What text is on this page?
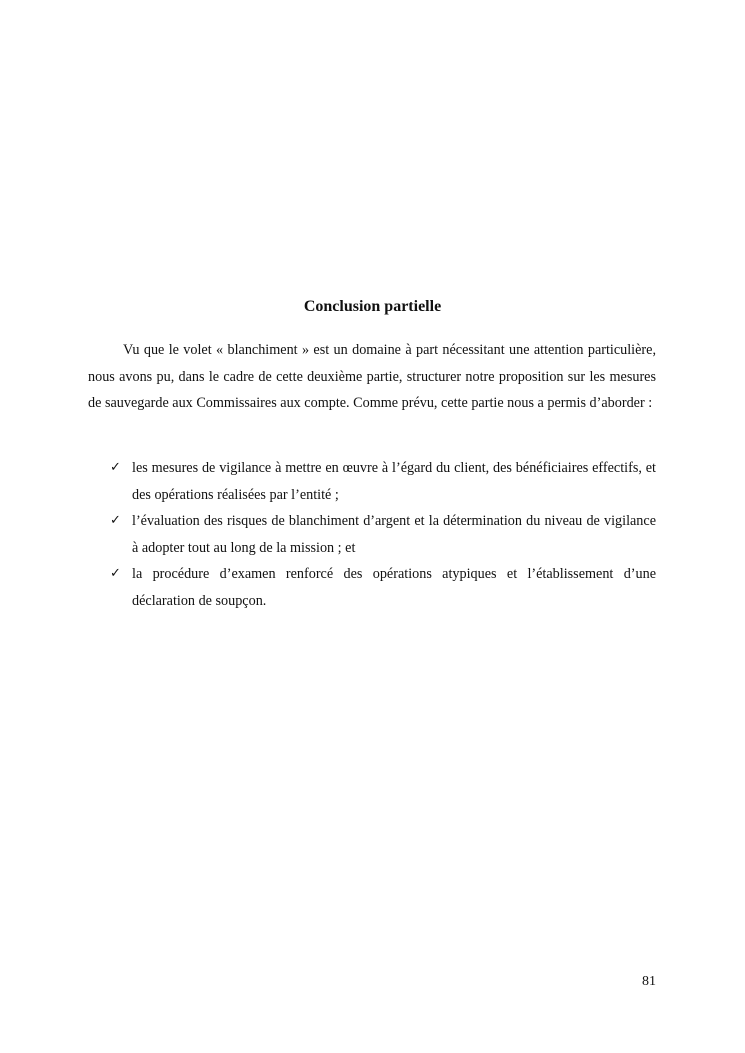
Conclusion partielle

Vu que le volet « blanchiment » est un domaine à part nécessitant une attention particulière, nous avons pu, dans le cadre de cette deuxième partie, structurer notre proposition sur les mesures de sauvegarde aux Commissaires aux compte. Comme prévu, cette partie nous a permis d’aborder :

✓ les mesures de vigilance à mettre en œuvre à l’égard du client, des bénéficiaires effectifs, et des opérations réalisées par l’entité ;
✓ l’évaluation des risques de blanchiment d’argent et la détermination du niveau de vigilance à adopter tout au long de la mission ; et
✓ la procédure d’examen renforcé des opérations atypiques et l’établissement d’une déclaration de soupçon.

81
